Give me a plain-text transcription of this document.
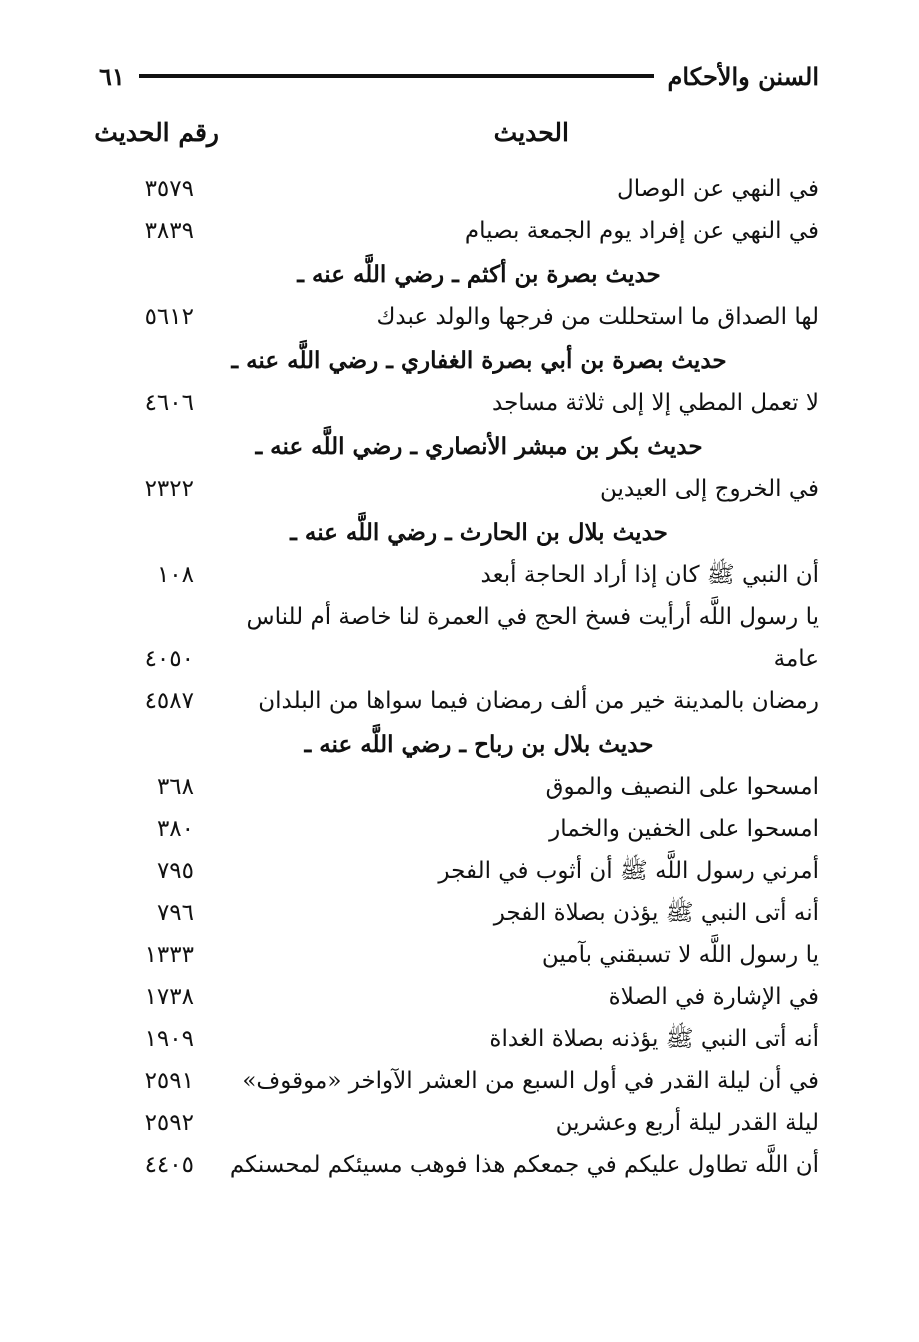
السنن والأحكام
٦١
الحديث
رقم الحديث
في النهي عن الوصال
٣٥٧٩
في النهي عن إفراد يوم الجمعة بصيام
٣٨٣٩
حديث بصرة بن أكثم ـ رضي اللَّه عنه ـ
لها الصداق ما استحللت من فرجها والولد عبدك
٥٦١٢
حديث بصرة بن أبي بصرة الغفاري ـ رضي اللَّه عنه ـ
لا تعمل المطي إلا إلى ثلاثة مساجد
٤٦٠٦
حديث بكر بن مبشر الأنصاري ـ رضي اللَّه عنه ـ
في الخروج إلى العيدين
٢٣٢٢
حديث بلال بن الحارث ـ رضي اللَّه عنه ـ
أن النبي ﷺ كان إذا أراد الحاجة أبعد
١٠٨
يا رسول اللَّه أرأيت فسخ الحج في العمرة لنا خاصة أم للناس
عامة
٤٠٥٠
رمضان بالمدينة خير من ألف رمضان فيما سواها من البلدان
٤٥٨٧
حديث بلال بن رباح ـ رضي اللَّه عنه ـ
امسحوا على النصيف والموق
٣٦٨
امسحوا على الخفين والخمار
٣٨٠
أمرني رسول اللَّه ﷺ أن أثوب في الفجر
٧٩٥
أنه أتى النبي ﷺ يؤذن بصلاة الفجر
٧٩٦
يا رسول اللَّه لا تسبقني بآمين
١٣٣٣
في الإشارة في الصلاة
١٧٣٨
أنه أتى النبي ﷺ يؤذنه بصلاة الغداة
١٩٠٩
في أن ليلة القدر في أول السبع من العشر الآواخر «موقوف»
٢٥٩١
ليلة القدر ليلة أربع وعشرين
٢٥٩٢
أن اللَّه تطاول عليكم في جمعكم هذا فوهب مسيئكم لمحسنكم
٤٤٠٥
